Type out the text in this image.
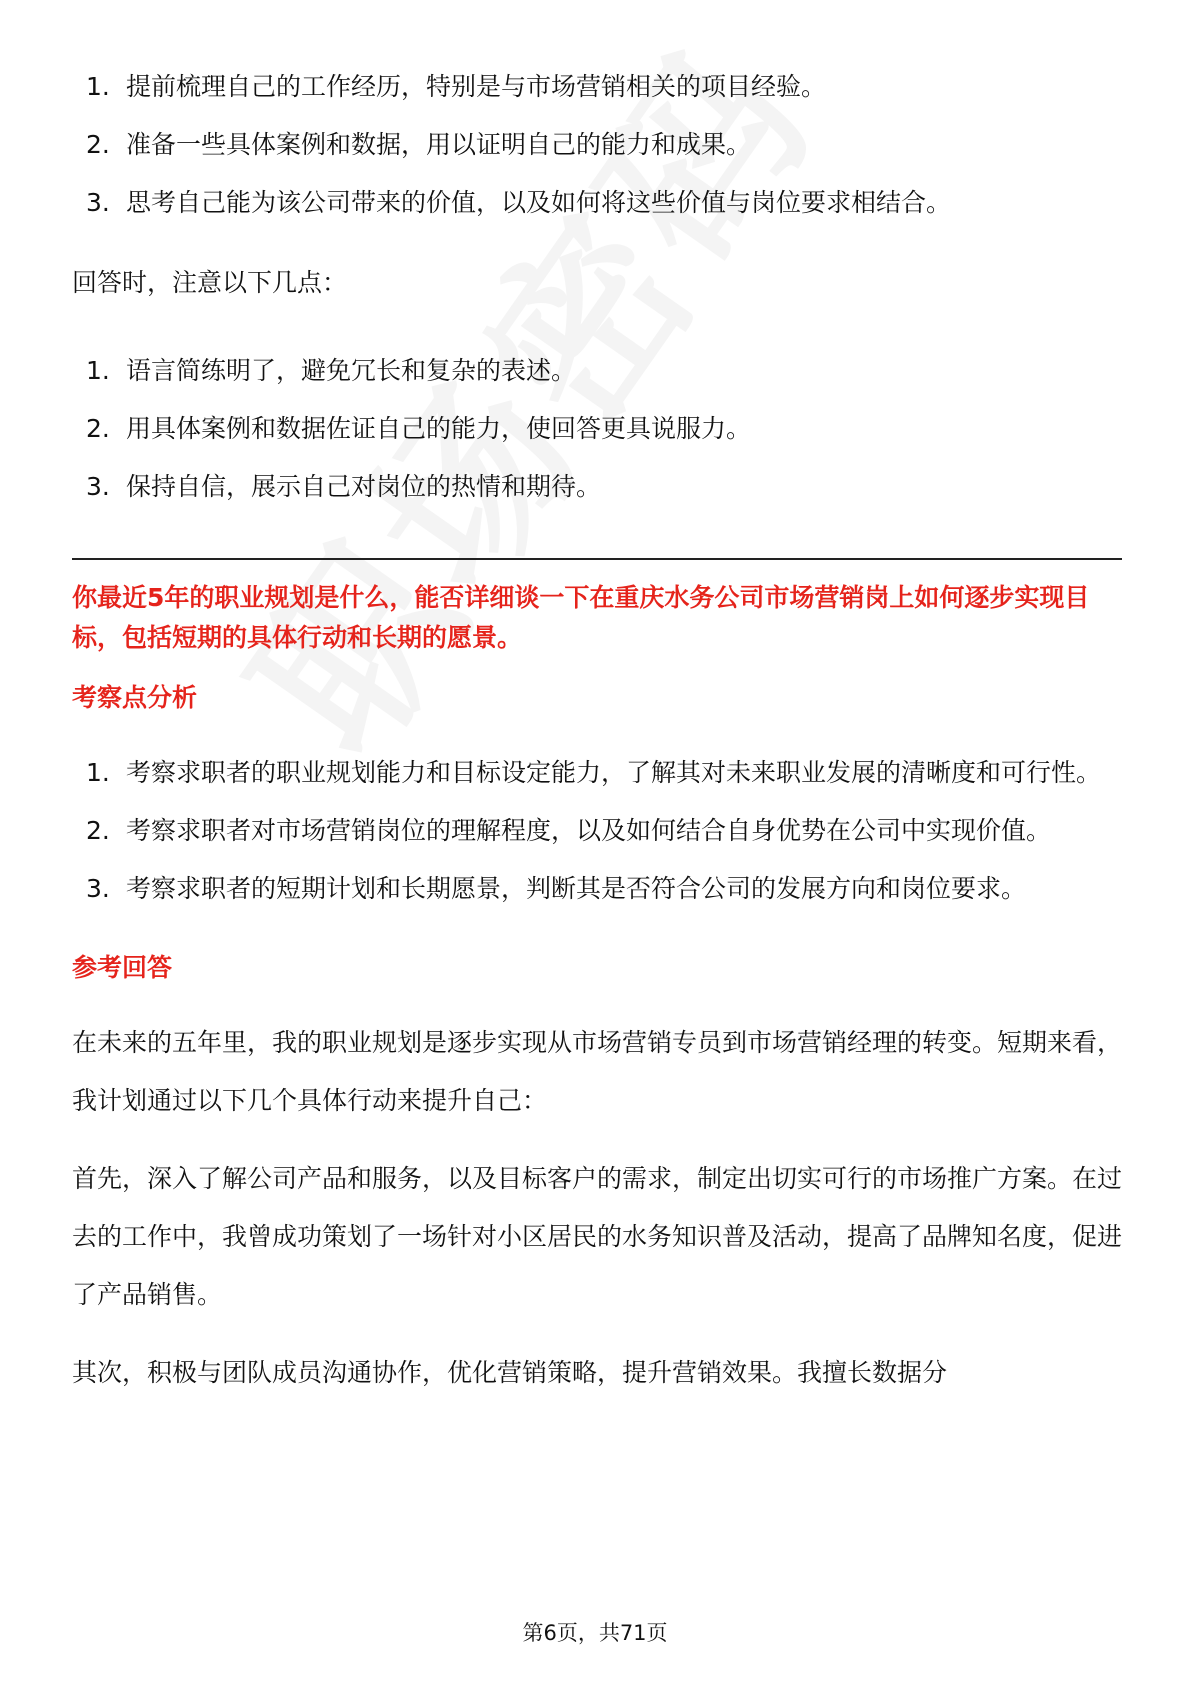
1. 提前梳理自己的工作经历，特别是与市场营销相关的项目经验。
2. 准备一些具体案例和数据，用以证明自己的能力和成果。
3. 思考自己能为该公司带来的价值，以及如何将这些价值与岗位要求相结合。

回答时，注意以下几点：

1. 语言简练明了，避免冗长和复杂的表述。
2. 用具体案例和数据佐证自己的能力，使回答更具说服力。
3. 保持自信，展示自己对岗位的热情和期待。

你最近5年的职业规划是什么，能否详细谈一下在重庆水务公司市场营销岗上如何逐步实现目标，包括短期的具体行动和长期的愿景。

考察点分析

1. 考察求职者的职业规划能力和目标设定能力，了解其对未来职业发展的清晰度和可行性。
2. 考察求职者对市场营销岗位的理解程度，以及如何结合自身优势在公司中实现价值。
3. 考察求职者的短期计划和长期愿景，判断其是否符合公司的发展方向和岗位要求。

参考回答

在未来的五年里，我的职业规划是逐步实现从市场营销专员到市场营销经理的转变。短期来看，我计划通过以下几个具体行动来提升自己：

首先，深入了解公司产品和服务，以及目标客户的需求，制定出切实可行的市场推广方案。在过去的工作中，我曾成功策划了一场针对小区居民的水务知识普及活动，提高了品牌知名度，促进了产品销售。

其次，积极与团队成员沟通协作，优化营销策略，提升营销效果。我擅长数据分

第6页，共71页
